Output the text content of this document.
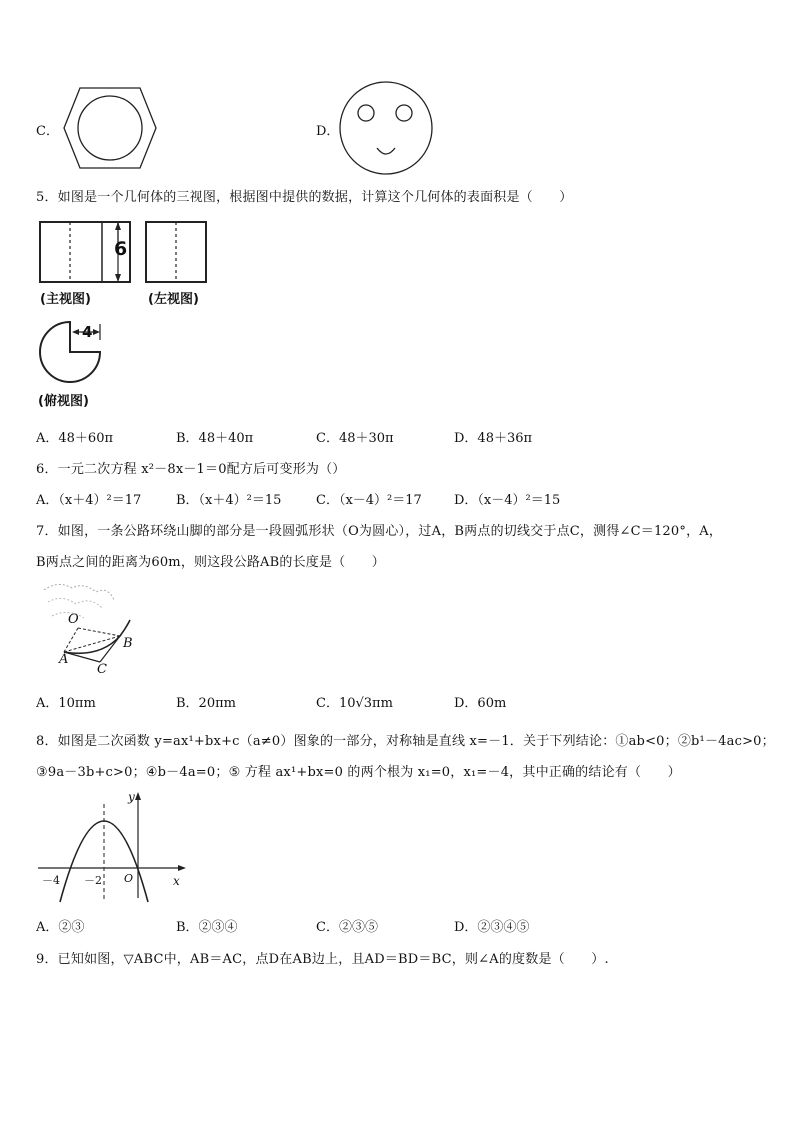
C．	D．
5．如图是一个几何体的三视图，根据图中提供的数据，计算这个几何体的表面积是（　　）
6
(主视图)	(左视图)
4
(俯视图)
A．48＋60π	B．48＋40π	C．48＋30π	D．48＋36π
6．一元二次方程 x²－8x－1＝0配方后可变形为（）
A．（x＋4）²＝17	B．（x＋4）²＝15	C．（x－4）²＝17 D．（x－4）²＝15
7．如图，一条公路环绕山脚的部分是一段圆弧形状（O为圆心），过A，B两点的切线交于点C，测得∠C＝120°，A，
B两点之间的距离为60m，则这段公路AB的长度是（　　）
O
A
B
C
A．10πm	B．20πm	C．10√3πm	D．60m
8．如图是二次函数 y=ax¹+bx+c（a≠0）图象的一部分，对称轴是直线 x=－1．关于下列结论：①ab<0；②b¹－4ac>0；
③9a－3b+c>0；④b－4a=0；⑤ 方程 ax¹+bx=0 的两个根为 x₁=0，x₁=－4，其中正确的结论有（　　）
y
x
－4 －2 O
A．②③	B．②③④	C．②③⑤	D．②③④⑤
9．已知如图，▽ABC中，AB＝AC，点D在AB边上，且AD＝BD＝BC，则∠A的度数是（　　）.
